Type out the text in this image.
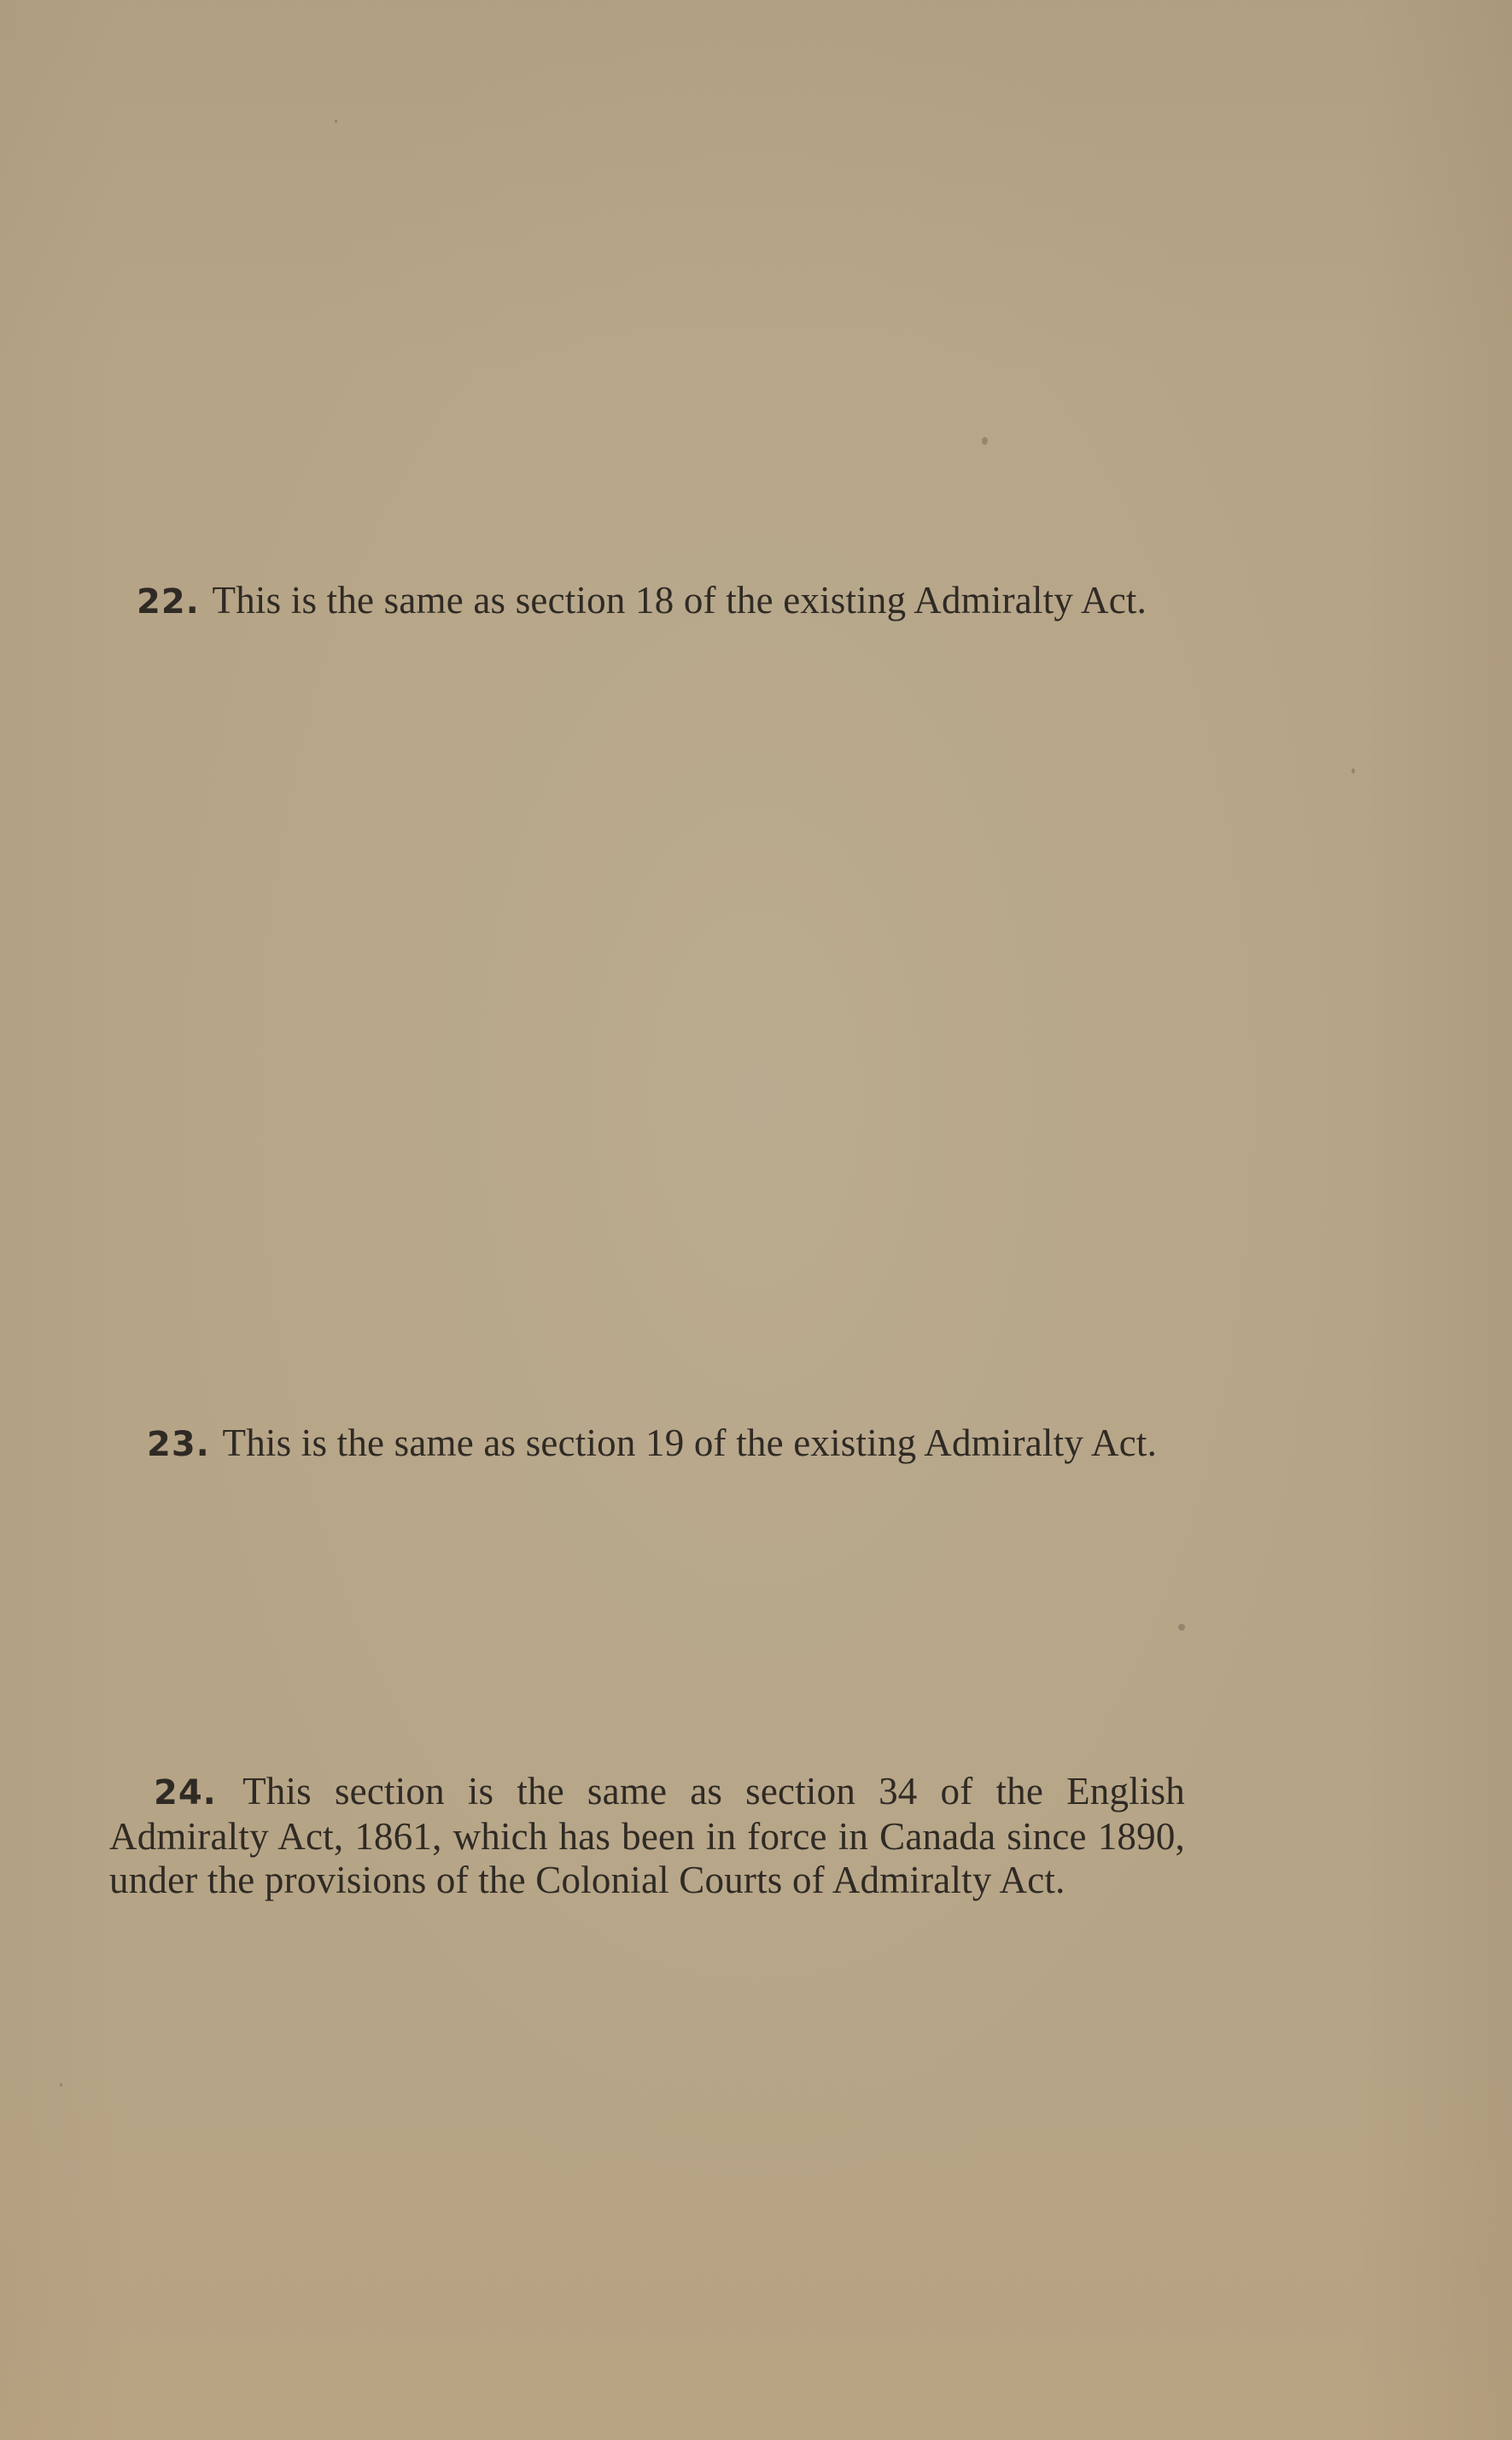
22. This is the same as section 18 of the existing Admiralty Act.

23. This is the same as section 19 of the existing Admiralty Act.

24. This section is the same as section 34 of the English Admiralty Act, 1861, which has been in force in Canada since 1890, under the provisions of the Colonial Courts of Admiralty Act.
